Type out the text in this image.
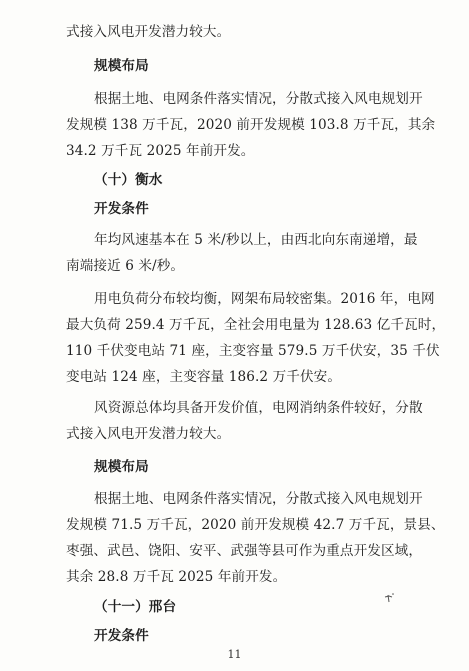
式接入风电开发潜力较大。
规模布局
根据土地、电网条件落实情况，分散式接入风电规划开
发规模 138 万千瓦，2020 前开发规模 103.8 万千瓦，其余
34.2 万千瓦 2025 年前开发。
（十）衡水
开发条件
年均风速基本在 5 米/秒以上，由西北向东南递增，最
南端接近 6 米/秒。
用电负荷分布较均衡，网架布局较密集。2016 年，电网
最大负荷 259.4 万千瓦，全社会用电量为 128.63 亿千瓦时，
110 千伏变电站 71 座，主变容量 579.5 万千伏安，35 千伏
变电站 124 座，主变容量 186.2 万千伏安。
风资源总体均具备开发价值，电网消纳条件较好，分散
式接入风电开发潜力较大。
规模布局
根据土地、电网条件落实情况，分散式接入风电规划开
发规模 71.5 万千瓦，2020 前开发规模 42.7 万千瓦，景县、
枣强、武邑、饶阳、安平、武强等县可作为重点开发区域，
其余 28.8 万千瓦 2025 年前开发。
（十一）邢台
开发条件
11
